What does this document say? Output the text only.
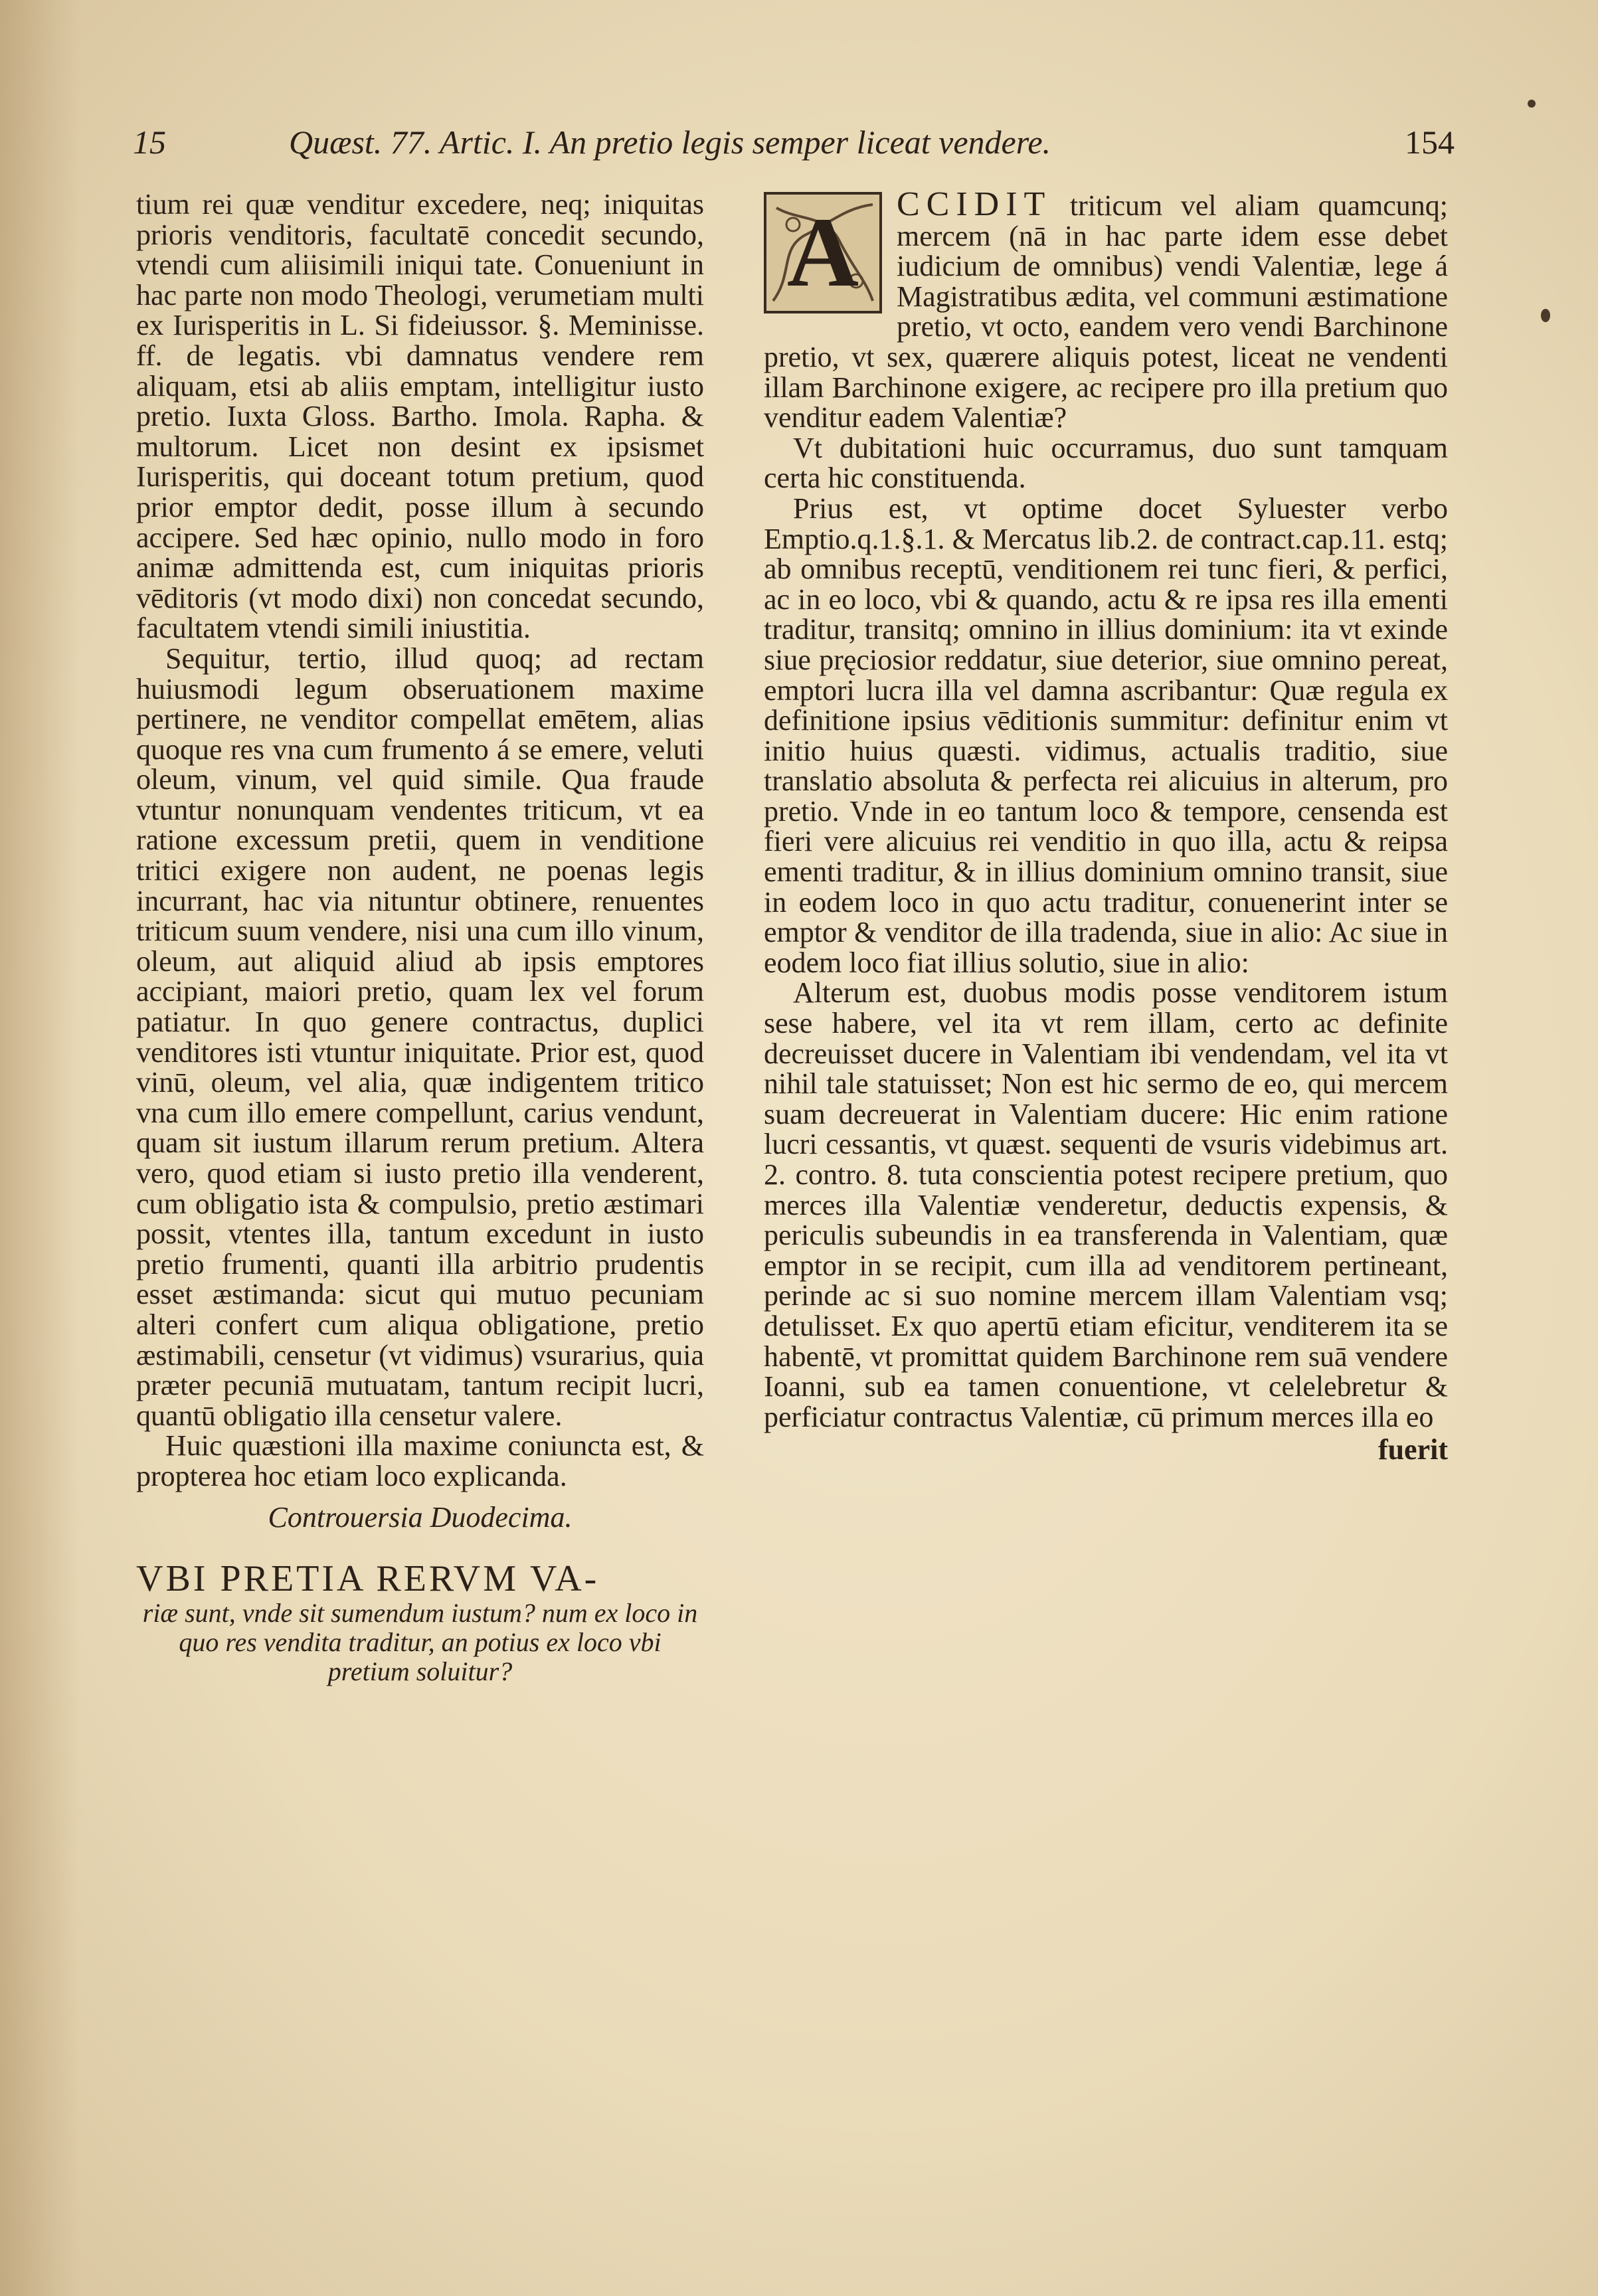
15	Quæst. 77. Artic. I. An pretio legis semper liceat vendere.	154

tium rei quæ venditur excedere, neq; iniquitas prioris venditoris, facultatē concedit secundo, vtendi cum aliisimili iniqui tate. Conueniunt in hac parte non modo Theologi, verumetiam multi ex Iurisperitis in L. Si fideiussor. §. Meminisse. ff. de legatis. vbi damnatus vendere rem aliquam, etsi ab aliis emptam, intelligitur iusto pretio. Iuxta Gloss. Bartho. Imola. Rapha. & multorum. Licet non desint ex ipsismet Iurisperitis, qui doceant totum pretium, quod prior emptor dedit, posse illum à secundo accipere. Sed hæc opinio, nullo modo in foro animæ admittenda est, cum iniquitas prioris vēditoris (vt modo dixi) non concedat secundo, facultatem vtendi simili iniustitia.

Sequitur, tertio, illud quoq; ad rectam huiusmodi legum obseruationem maxime pertinere, ne venditor compellat emētem, alias quoque res vna cum frumento á se emere, veluti oleum, vinum, vel quid simile. Qua fraude vtuntur nonunquam vendentes triticum, vt ea ratione excessum pretii, quem in venditione tritici exigere non audent, ne poenas legis incurrant, hac via nituntur obtinere, renuentes triticum suum vendere, nisi una cum illo vinum, oleum, aut aliquid aliud ab ipsis emptores accipiant, maiori pretio, quam lex vel forum patiatur. In quo genere contractus, duplici venditores isti vtuntur iniquitate. Prior est, quod vinū, oleum, vel alia, quæ indigentem tritico vna cum illo emere compellunt, carius vendunt, quam sit iustum illarum rerum pretium. Altera vero, quod etiam si iusto pretio illa venderent, cum obligatio ista & compulsio, pretio æstimari possit, vtentes illa, tantum excedunt in iusto pretio frumenti, quanti illa arbitrio prudentis esset æstimanda: sicut qui mutuo pecuniam alteri confert cum aliqua obligatione, pretio æstimabili, censetur (vt vidimus) vsurarius, quia præter pecuniā mutuatam, tantum recipit lucri, quantū obligatio illa censetur valere.

Huic quæstioni illa maxime coniuncta est, & propterea hoc etiam loco explicanda.

Controuersia Duodecima.
VBI PRETIA RERVM VA-

riæ sunt, vnde sit sumendum iustum? num ex loco in quo res vendita traditur, an potius ex loco vbi pretium soluitur?

A	CCIDIT triticum vel aliam quamcunq; mercem (nā in hac parte idem esse debet iudicium de omnibus) vendi Valentiæ, lege á Magistratibus ædita, vel communi æstimatione pretio, vt octo, eandem vero vendi Barchinone pretio, vt sex, quærere aliquis potest, liceat ne vendenti illam Barchinone exigere, ac recipere pro illa pretium quo venditur eadem Valentiæ?

Vt dubitationi huic occurramus, duo sunt tamquam certa hic constituenda.

Prius est, vt optime docet Syluester verbo Emptio.q.1.§.1. & Mercatus lib.2. de contract.cap.11. estq; ab omnibus receptū, venditionem rei tunc fieri, & perfici, ac in eo loco, vbi & quando, actu & re ipsa res illa ementi traditur, transitq; omnino in illius dominium: ita vt exinde siue pręciosior reddatur, siue deterior, siue omnino pereat, emptori lucra illa vel damna ascribantur: Quæ regula ex definitione ipsius vēditionis summitur: definitur enim vt initio huius quæsti. vidimus, actualis traditio, siue translatio absoluta & perfecta rei alicuius in alterum, pro pretio. Vnde in eo tantum loco & tempore, censenda est fieri vere alicuius rei venditio in quo illa, actu & reipsa ementi traditur, & in illius dominium omnino transit, siue in eodem loco in quo actu traditur, conuenerint inter se emptor & venditor de illa tradenda, siue in alio: Ac siue in eodem loco fiat illius solutio, siue in alio:

Alterum est, duobus modis posse venditorem istum sese habere, vel ita vt rem illam, certo ac definite decreuisset ducere in Valentiam ibi vendendam, vel ita vt nihil tale statuisset; Non est hic sermo de eo, qui mercem suam decreuerat in Valentiam ducere: Hic enim ratione lucri cessantis, vt quæst. sequenti de vsuris videbimus art. 2. contro. 8. tuta conscientia potest recipere pretium, quo merces illa Valentiæ venderetur, deductis expensis, & periculis subeundis in ea transferenda in Valentiam, quæ emptor in se recipit, cum illa ad venditorem pertineant, perinde ac si suo nomine mercem illam Valentiam vsq; detulisset. Ex quo apertū etiam eficitur, venditerem ita se habentē, vt promittat quidem Barchinone rem suā vendere Ioanni, sub ea tamen conuentione, vt celelebretur & perficiatur contractus Valentiæ, cū primum merces illa eo

fuerit
